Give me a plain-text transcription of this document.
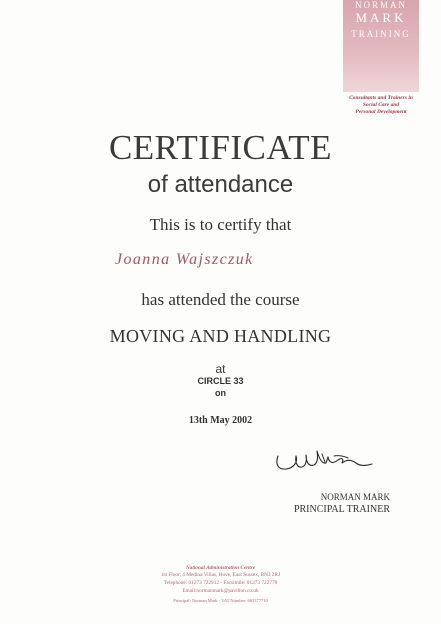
NORMAN
MARK
TRAINING
Consultants and Trainers in
Social Care and
Personal Development
CERTIFICATE
of attendance
This is to certify that
Joanna Wajszczuk
has attended the course
MOVING AND HANDLING
at
CIRCLE 33
on
13th May 2002
NORMAN MARK
PRINCIPAL TRAINER
National Administration Centre
1st Floor, 4 Medina Villas, Hove, East Sussex, BN3 2RJ
Telephone: 01273 722912 - Facsimile: 01273 722778
Email:normanmark@pavilion.co.uk
Principal: Norman Mark - VAT Number: 665377710
